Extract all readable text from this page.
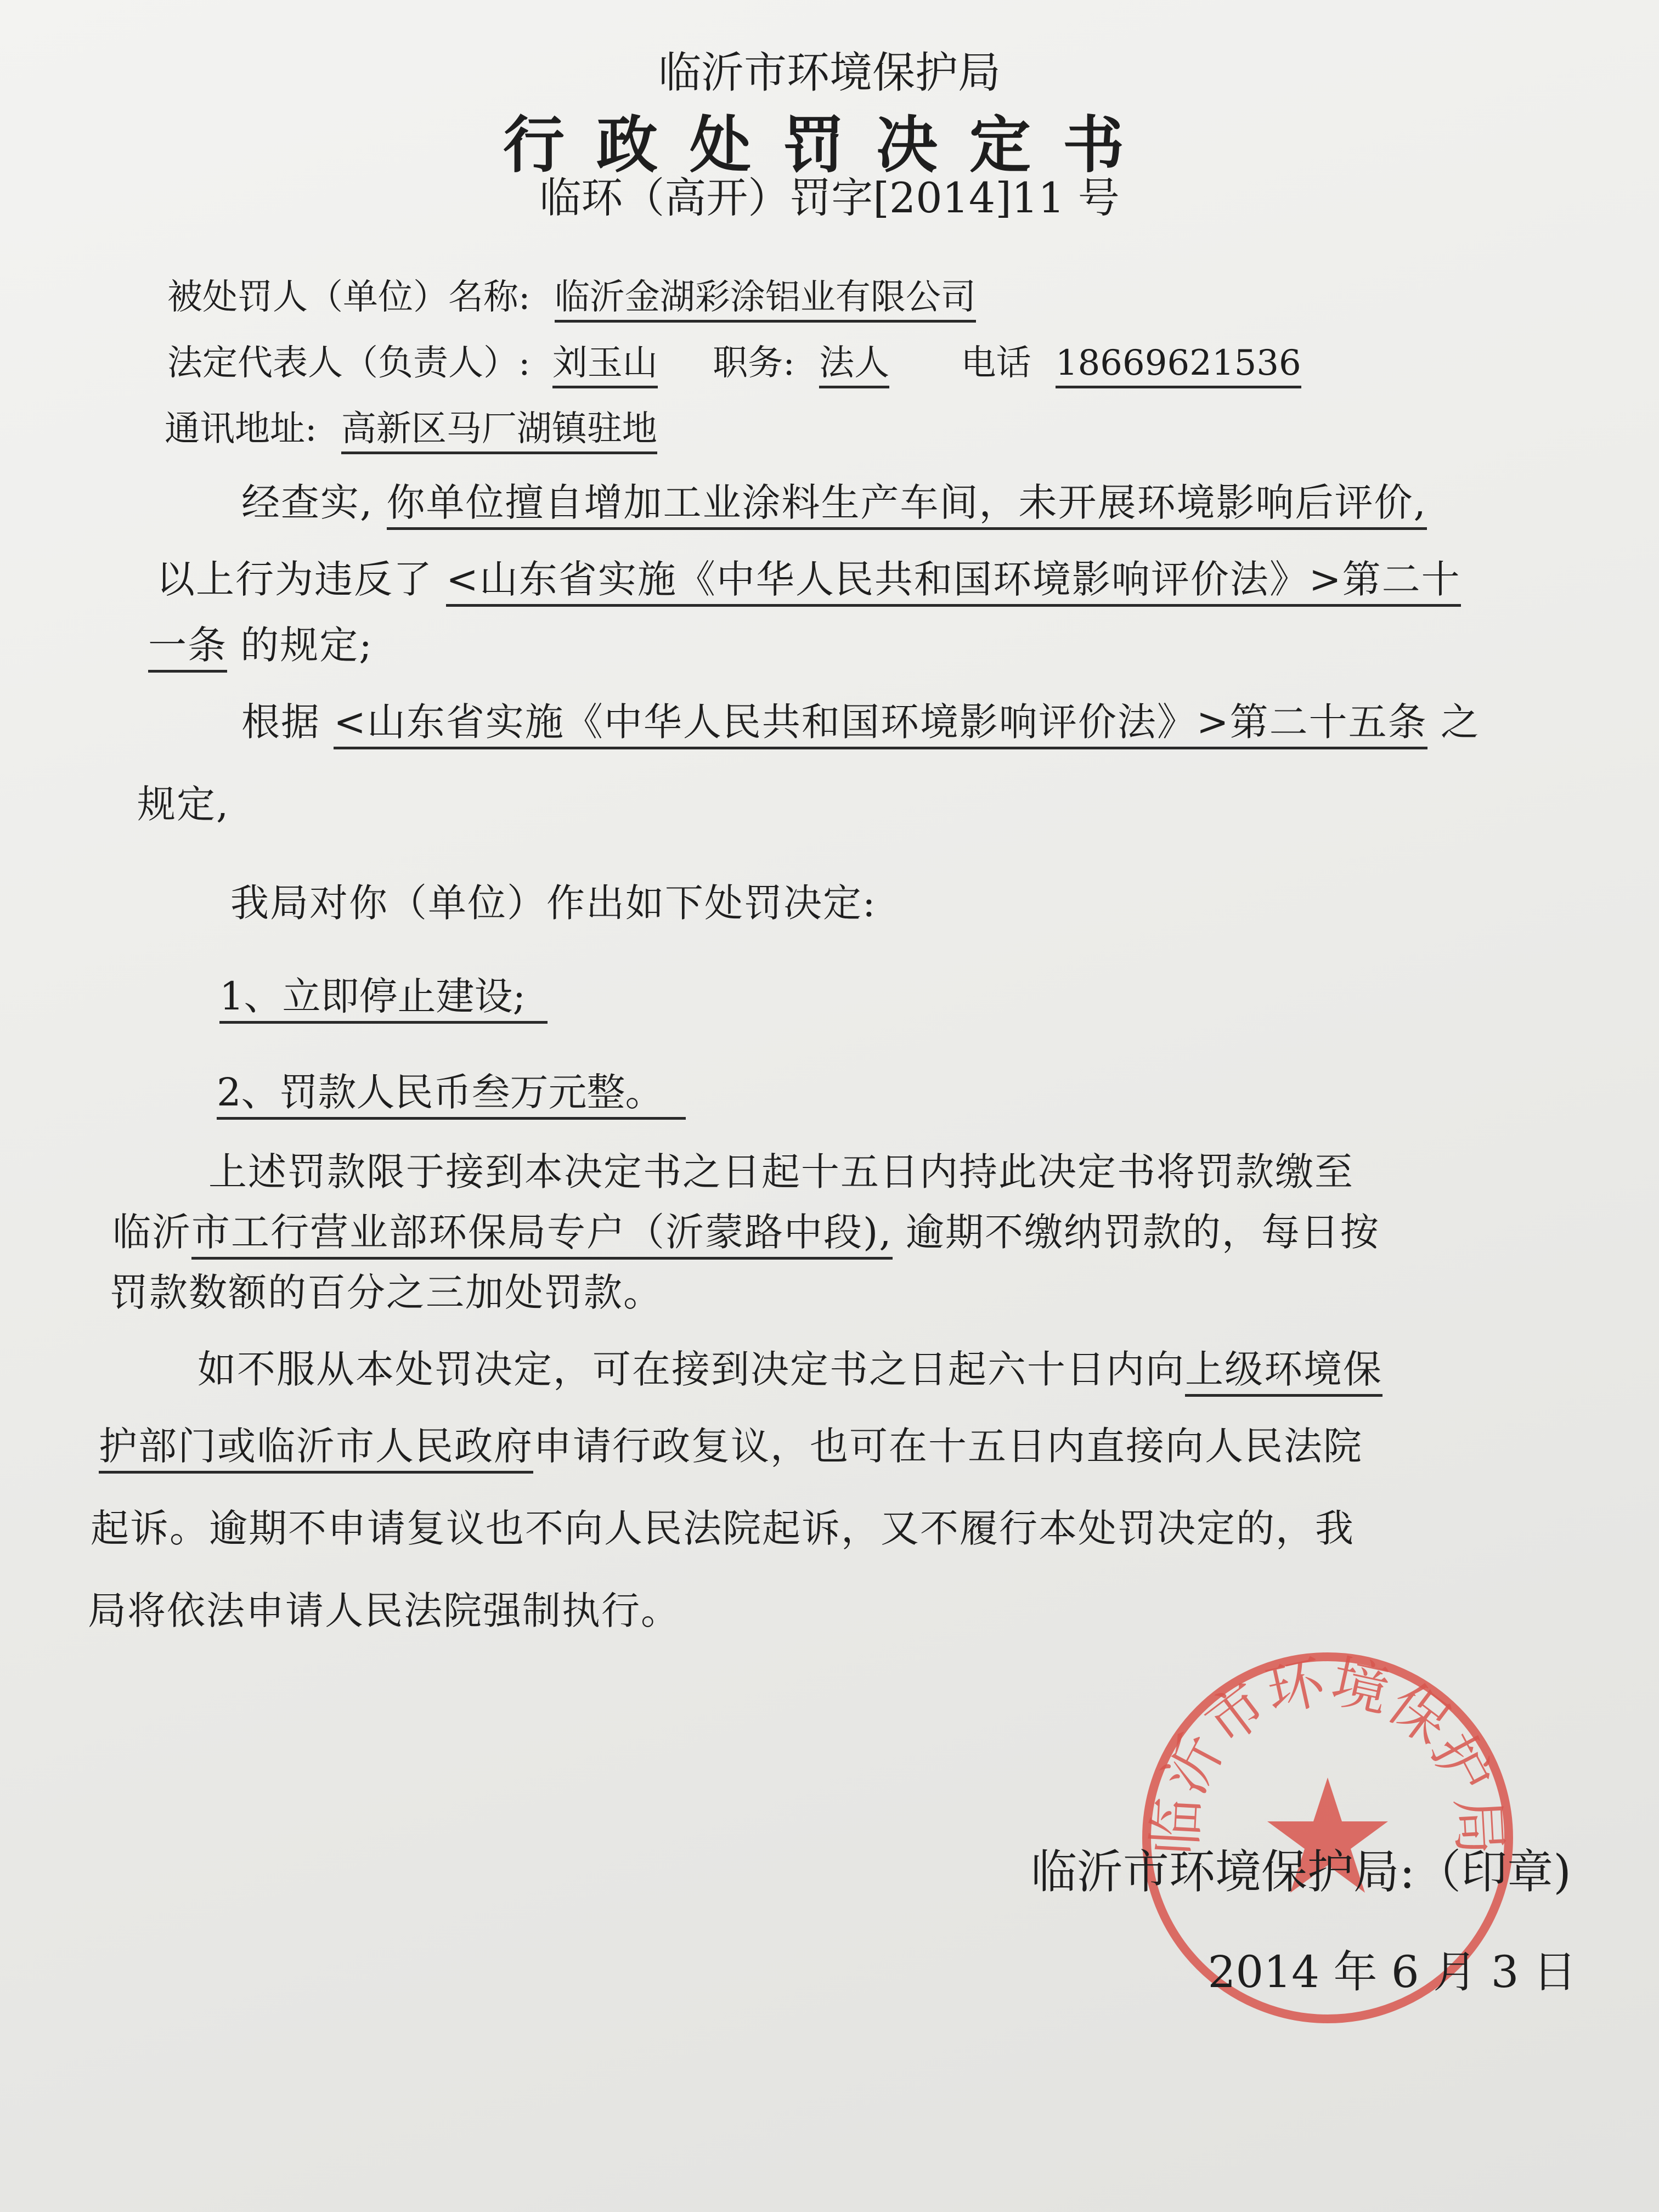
临沂市环境保护局
行政处罚决定书
临环（高开）罚字[2014]11 号
被处罚人（单位）名称: 临沂金湖彩涂铝业有限公司
法定代表人（负责人）: 刘玉山 职务: 法人 电话 18669621536
通讯地址: 高新区马厂湖镇驻地
经查实, 你单位擅自增加工业涂料生产车间，未开展环境影响后评价,
以上行为违反了 <山东省实施《中华人民共和国环境影响评价法》>第二十
一条 的规定;
根据 <山东省实施《中华人民共和国环境影响评价法》>第二十五条 之
规定,
我局对你（单位）作出如下处罚决定:
1、立即停止建设;
2、罚款人民币叁万元整。
上述罚款限于接到本决定书之日起十五日内持此决定书将罚款缴至
临沂市工行营业部环保局专户（沂蒙路中段), 逾期不缴纳罚款的，每日按
罚款数额的百分之三加处罚款。
如不服从本处罚决定，可在接到决定书之日起六十日内向上级环境保
护部门或临沂市人民政府申请行政复议，也可在十五日内直接向人民法院
起诉。逾期不申请复议也不向人民法院起诉，又不履行本处罚决定的，我
局将依法申请人民法院强制执行。
临沂市环境保护局
临沂市环境保护局:（印章)
2014 年 6 月 3 日
